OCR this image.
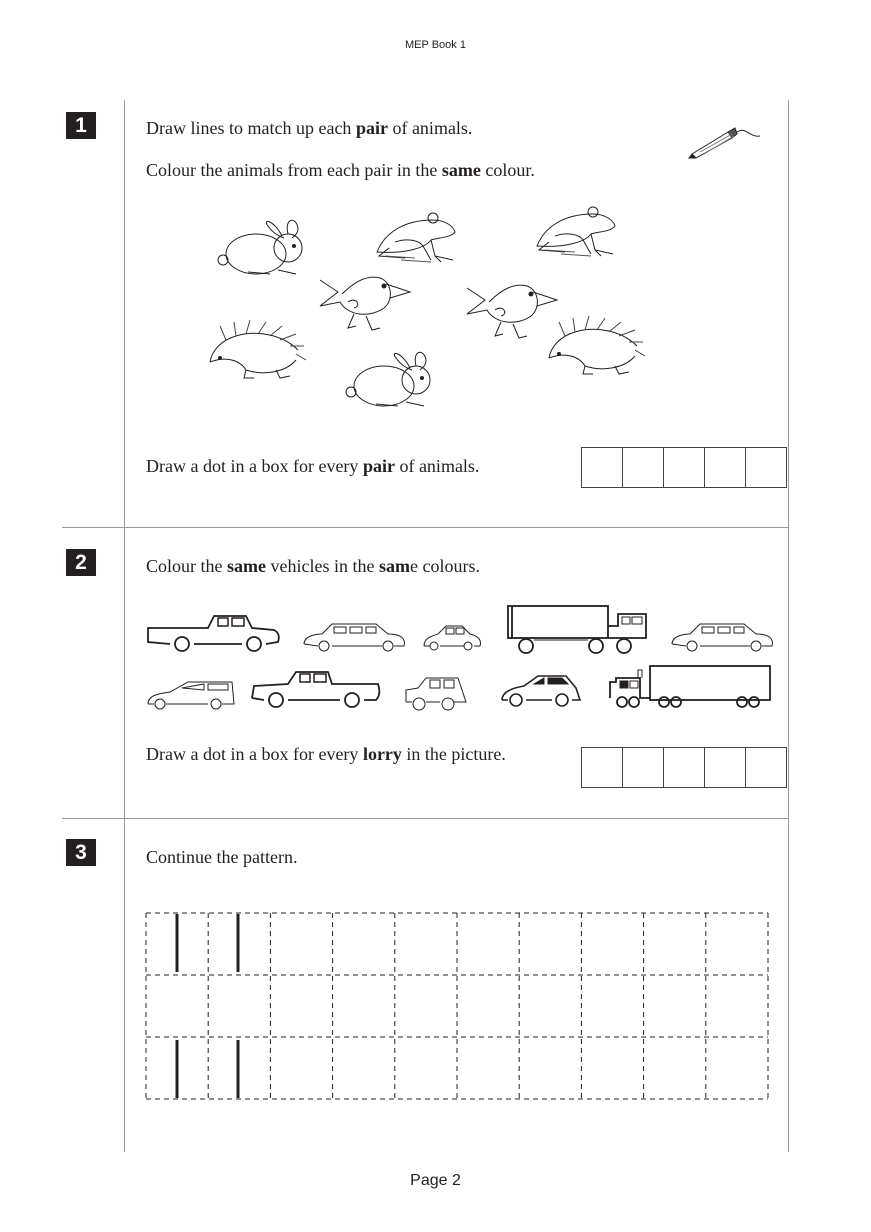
MEP Book 1
Page 2
1	Draw lines to match up each pair of animals.
Colour the animals from each pair in the same colour.
Draw a dot in a box for every pair of animals.
2	Colour the same vehicles in the same colours.
Draw a dot in a box for every lorry in the picture.
3	Continue the pattern.
